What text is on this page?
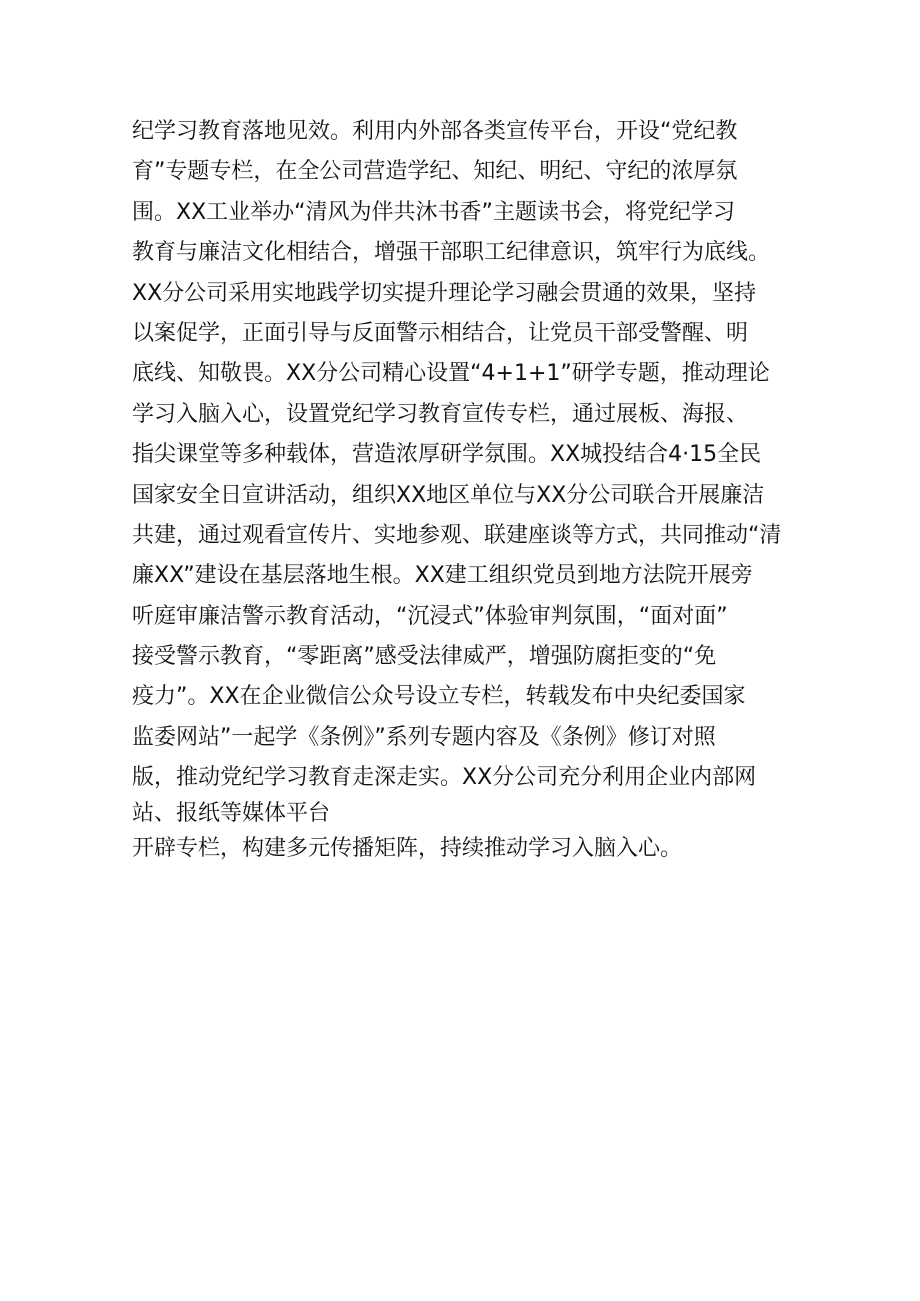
纪学习教育落地见效。利用内外部各类宣传平台，开设“党纪教
育”专题专栏，在全公司营造学纪、知纪、明纪、守纪的浓厚氛
围。XX工业举办“清风为伴共沐书香”主题读书会，将党纪学习
教育与廉洁文化相结合，增强干部职工纪律意识，筑牢行为底线。
XX分公司采用实地践学切实提升理论学习融会贯通的效果，坚持
以案促学，正面引导与反面警示相结合，让党员干部受警醒、明
底线、知敬畏。XX分公司精心设置“4+1+1”研学专题，推动理论
学习入脑入心，设置党纪学习教育宣传专栏，通过展板、海报、
指尖课堂等多种载体，营造浓厚研学氛围。XX城投结合4·15全民
国家安全日宣讲活动，组织XX地区单位与XX分公司联合开展廉洁
共建，通过观看宣传片、实地参观、联建座谈等方式，共同推动“清
廉XX”建设在基层落地生根。XX建工组织党员到地方法院开展旁
听庭审廉洁警示教育活动，“沉浸式”体验审判氛围，“面对面”
接受警示教育，“零距离”感受法律威严，增强防腐拒变的“免
疫力”。XX在企业微信公众号设立专栏，转载发布中央纪委国家
监委网站”一起学《条例》”系列专题内容及《条例》修订对照
版，推动党纪学习教育走深走实。XX分公司充分利用企业内部网
站、报纸等媒体平台
开辟专栏，构建多元传播矩阵，持续推动学习入脑入心。
